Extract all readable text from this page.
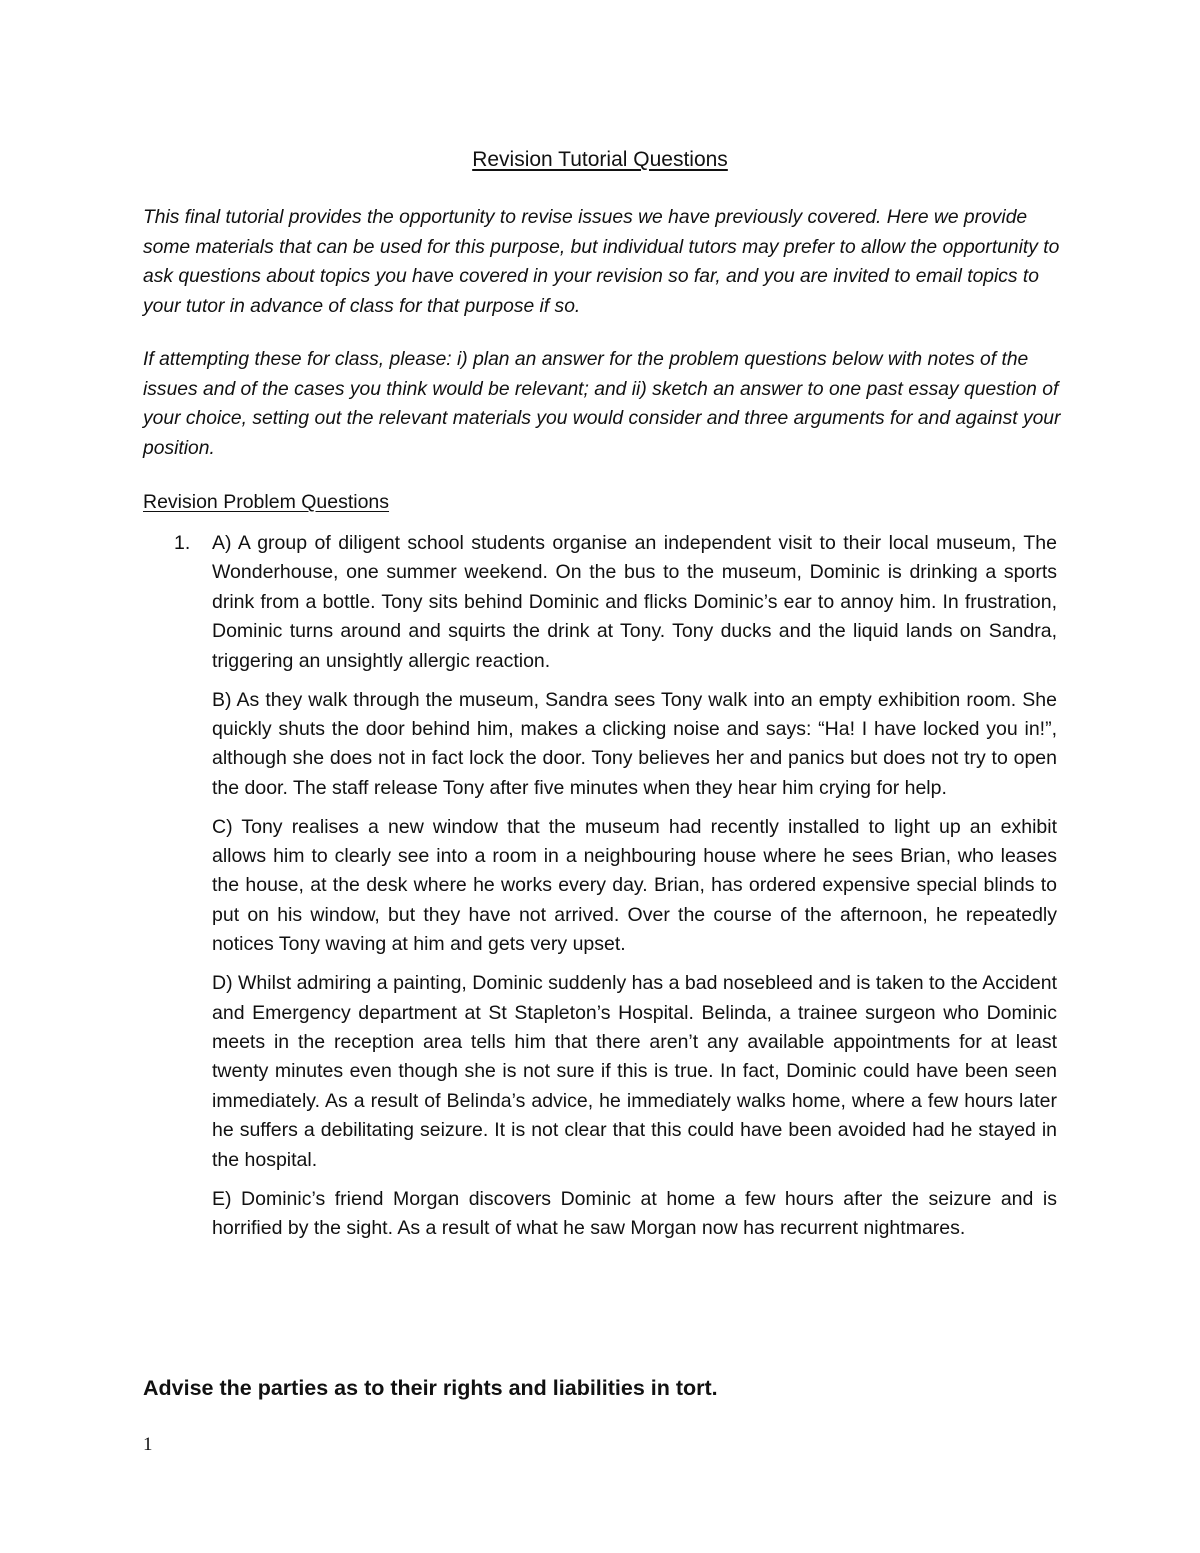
Revision Tutorial Questions

This final tutorial provides the opportunity to revise issues we have previously covered. Here we provide some materials that can be used for this purpose, but individual tutors may prefer to allow the opportunity to ask questions about topics you have covered in your revision so far, and you are invited to email topics to your tutor in advance of class for that purpose if so.

If attempting these for class, please: i) plan an answer for the problem questions below with notes of the issues and of the cases you think would be relevant; and ii) sketch an answer to one past essay question of your choice, setting out the relevant materials you would consider and three arguments for and against your position.

Revision Problem Questions
1. A) A group of diligent school students organise an independent visit to their local museum, The Wonderhouse, one summer weekend. On the bus to the museum, Dominic is drinking a sports drink from a bottle. Tony sits behind Dominic and flicks Dominic’s ear to annoy him. In frustration, Dominic turns around and squirts the drink at Tony. Tony ducks and the liquid lands on Sandra, triggering an unsightly allergic reaction.

B) As they walk through the museum, Sandra sees Tony walk into an empty exhibition room. She quickly shuts the door behind him, makes a clicking noise and says: “Ha! I have locked you in!”, although she does not in fact lock the door. Tony believes her and panics but does not try to open the door. The staff release Tony after five minutes when they hear him crying for help.

C) Tony realises a new window that the museum had recently installed to light up an exhibit allows him to clearly see into a room in a neighbouring house where he sees Brian, who leases the house, at the desk where he works every day. Brian, has ordered expensive special blinds to put on his window, but they have not arrived. Over the course of the afternoon, he repeatedly notices Tony waving at him and gets very upset.

D) Whilst admiring a painting, Dominic suddenly has a bad nosebleed and is taken to the Accident and Emergency department at St Stapleton’s Hospital. Belinda, a trainee surgeon who Dominic meets in the reception area tells him that there aren’t any available appointments for at least twenty minutes even though she is not sure if this is true. In fact, Dominic could have been seen immediately. As a result of Belinda’s advice, he immediately walks home, where a few hours later he suffers a debilitating seizure. It is not clear that this could have been avoided had he stayed in the hospital.

E) Dominic’s friend Morgan discovers Dominic at home a few hours after the seizure and is horrified by the sight. As a result of what he saw Morgan now has recurrent nightmares.

Advise the parties as to their rights and liabilities in tort.
1
